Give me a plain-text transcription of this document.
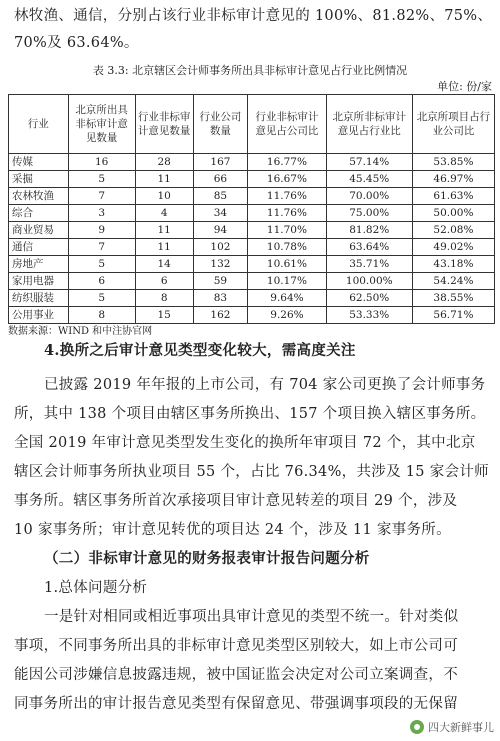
林牧渔、通信，分别占该行业非标审计意见的 100%、81.82%、75%、
70%及 63.64%。
表 3.3: 北京辖区会计师事务所出具非标审计意见占行业比例情况
单位: 份/家
行业	北京所出具非标审计意见数量	行业非标审计意见数量	行业公司数量	行业非标审计意见占公司比	北京所非标审计意见占行业比	北京所项目占行业公司比
传媒	16	28	167	16.77%	57.14%	53.85%
采掘	5	11	66	16.67%	45.45%	46.97%
农林牧渔	7	10	85	11.76%	70.00%	61.63%
综合	3	4	34	11.76%	75.00%	50.00%
商业贸易	9	11	94	11.70%	81.82%	52.08%
通信	7	11	102	10.78%	63.64%	49.02%
房地产	5	14	132	10.61%	35.71%	43.18%
家用电器	6	6	59	10.17%	100.00%	54.24%
纺织服装	5	8	83	9.64%	62.50%	38.55%
公用事业	8	15	162	9.26%	53.33%	56.71%
数据来源：WIND 和中注协官网
4.换所之后审计意见类型变化较大，需高度关注
已披露 2019 年年报的上市公司，有 704 家公司更换了会计师事务
所，其中 138 个项目由辖区事务所换出、157 个项目换入辖区事务所。
全国 2019 年审计意见类型发生变化的换所年审项目 72 个，其中北京
辖区会计师事务所执业项目 55 个，占比 76.34%，共涉及 15 家会计师
事务所。辖区事务所首次承接项目审计意见转差的项目 29 个，涉及
10 家事务所；审计意见转优的项目达 24 个，涉及 11 家事务所。
（二）非标审计意见的财务报表审计报告问题分析
1.总体问题分析
一是针对相同或相近事项出具审计意见的类型不统一。针对类似
事项，不同事务所出具的非标审计意见类型区别较大，如上市公司可
能因公司涉嫌信息披露违规，被中国证监会决定对公司立案调查，不
同事务所出的审计报告意见类型有保留意见、带强调事项段的无保留
四大新鲜事儿
